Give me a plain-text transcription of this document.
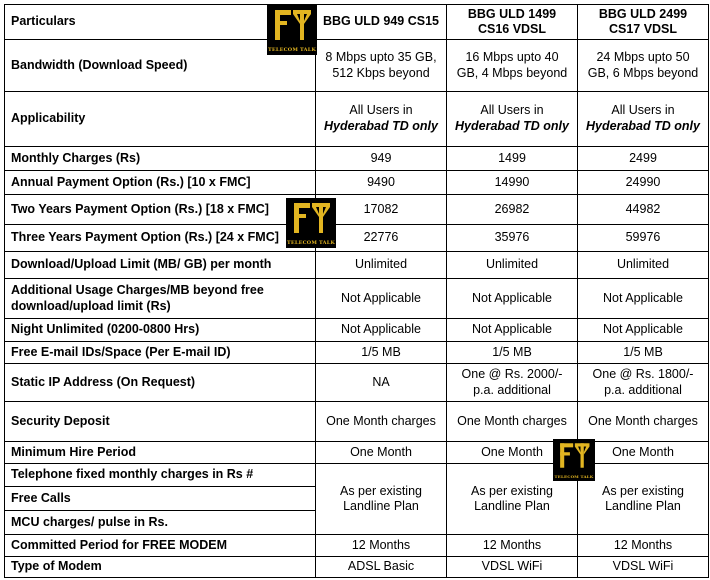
Particulars	BBG ULD 949 CS15	BBG ULD 1499 CS16 VDSL	BBG ULD 2499 CS17 VDSL
Bandwidth (Download Speed)	8 Mbps upto 35 GB, 512 Kbps beyond	16 Mbps upto 40 GB, 4 Mbps beyond	24 Mbps upto 50 GB, 6 Mbps beyond
Applicability	All Users in Hyderabad TD only	All Users in Hyderabad TD only	All Users in Hyderabad TD only
Monthly Charges (Rs)	949	1499	2499
Annual Payment Option (Rs.) [10 x FMC]	9490	14990	24990
Two Years Payment Option (Rs.) [18 x FMC]	17082	26982	44982
Three Years Payment Option (Rs.) [24 x FMC]	22776	35976	59976
Download/Upload Limit (MB/ GB) per month	Unlimited	Unlimited	Unlimited
Additional Usage Charges/MB beyond free download/upload limit (Rs)	Not Applicable	Not Applicable	Not Applicable
Night Unlimited (0200-0800 Hrs)	Not Applicable	Not Applicable	Not Applicable
Free E-mail IDs/Space (Per E-mail ID)	1/5 MB	1/5 MB	1/5 MB
Static IP Address (On Request)	NA	One @ Rs. 2000/- p.a. additional	One @ Rs. 1800/- p.a. additional
Security Deposit	One Month charges	One Month charges	One Month charges
Minimum Hire Period	One Month	One Month	One Month
Telephone fixed monthly charges in Rs #	As per existing Landline Plan	As per existing Landline Plan	As per existing Landline Plan
Free Calls			
MCU charges/ pulse in Rs.			
Committed Period for FREE MODEM	12 Months	12 Months	12 Months
Type of Modem	ADSL Basic	VDSL WiFi	VDSL WiFi
TELECOM TALK
TELECOM TALK
TELECOM TALK
